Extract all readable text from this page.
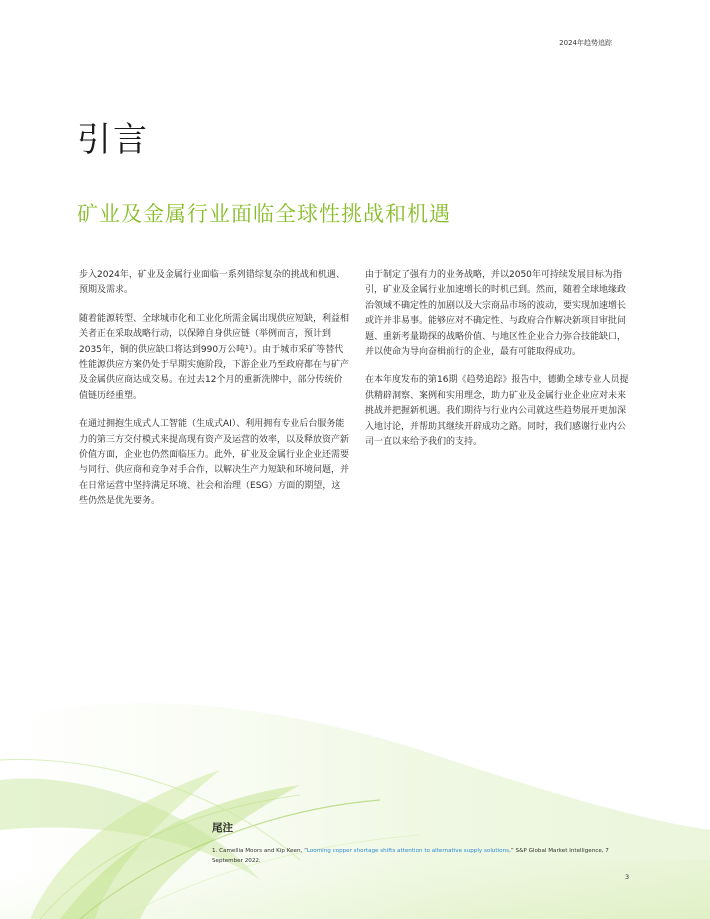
2024年趋势追踪
引言
矿业及金属行业面临全球性挑战和机遇

步入2024年，矿业及金属行业面临一系列错综复杂的挑战和机遇、预期及需求。

随着能源转型、全球城市化和工业化所需金属出现供应短缺，利益相关者正在采取战略行动，以保障自身供应链（举例而言，预计到2035年，铜的供应缺口将达到990万公吨¹）。由于城市采矿等替代性能源供应方案仍处于早期实施阶段，下游企业乃至政府都在与矿产及金属供应商达成交易。在过去12个月的重新洗牌中，部分传统价值链历经重塑。

在通过拥抱生成式人工智能（生成式AI）、利用拥有专业后台服务能力的第三方交付模式来提高现有资产及运营的效率，以及释放资产新价值方面，企业也仍然面临压力。此外，矿业及金属行业企业还需要与同行、供应商和竞争对手合作，以解决生产力短缺和环境问题，并在日常运营中坚持满足环境、社会和治理（ESG）方面的期望，这些仍然是优先要务。

由于制定了强有力的业务战略，并以2050年可持续发展目标为指引，矿业及金属行业加速增长的时机已到。然而，随着全球地缘政治领域不确定性的加剧以及大宗商品市场的波动，要实现加速增长或许并非易事。能够应对不确定性、与政府合作解决新项目审批问题、重新考量勘探的战略价值、与地区性企业合力弥合技能缺口，并以使命为导向奋楫前行的企业，最有可能取得成功。

在本年度发布的第16期《趋势追踪》报告中，德勤全球专业人员提供精辟洞察、案例和实用理念，助力矿业及金属行业企业应对未来挑战并把握新机遇。我们期待与行业内公司就这些趋势展开更加深入地讨论，并帮助其继续开辟成功之路。同时，我们感谢行业内公司一直以来给予我们的支持。

尾注
1. Camellia Moors and Kip Keen, “Looming copper shortage shifts attention to alternative supply solutions,” S&P Global Market Intelligence, 7 September 2022.
3
